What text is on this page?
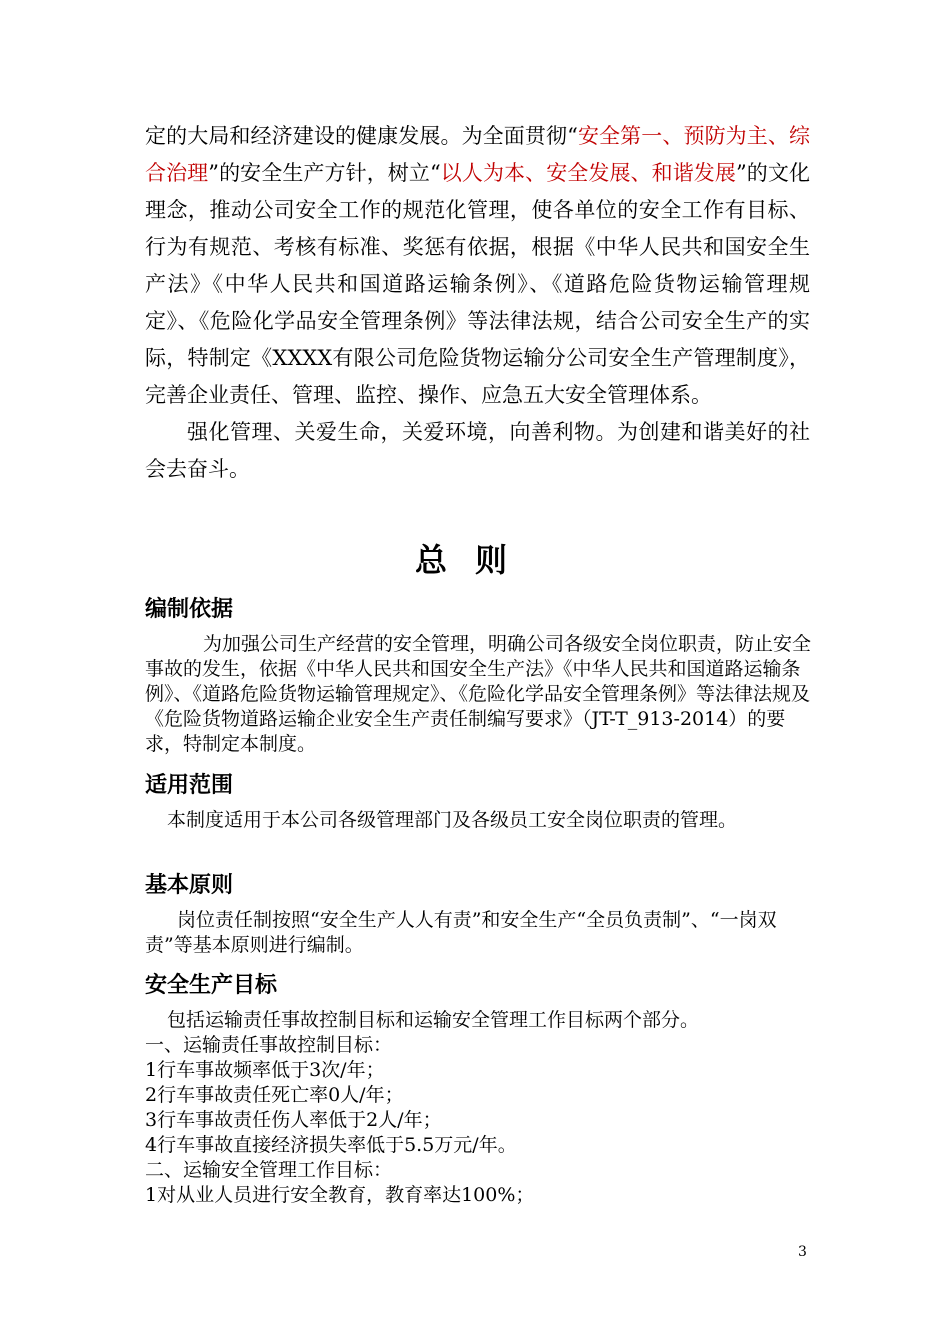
定的大局和经济建设的健康发展。为全面贯彻“安全第一、预防为主、综合治理”的安全生产方针，树立“以人为本、安全发展、和谐发展”的文化理念，推动公司安全工作的规范化管理，使各单位的安全工作有目标、行为有规范、考核有标准、奖惩有依据，根据《中华人民共和国安全生产法》《中华人民共和国道路运输条例》、《道路危险货物运输管理规定》、《危险化学品安全管理条例》等法律法规，结合公司安全生产的实际，特制定《XXXX有限公司危险货物运输分公司安全生产管理制度》，完善企业责任、管理、监控、操作、应急五大安全管理体系。

强化管理、关爱生命，关爱环境，向善利物。为创建和谐美好的社会去奋斗。

总则
编制依据

为加强公司生产经营的安全管理，明确公司各级安全岗位职责，防止安全事故的发生，依据《中华人民共和国安全生产法》《中华人民共和国道路运输条例》、《道路危险货物运输管理规定》、《危险化学品安全管理条例》等法律法规及《危险货物道路运输企业安全生产责任制编写要求》（JT-T_913-2014）的要求，特制定本制度。

适用范围

本制度适用于本公司各级管理部门及各级员工安全岗位职责的管理。

基本原则

岗位责任制按照“安全生产人人有责”和安全生产“全员负责制”、“一岗双责”等基本原则进行编制。

安全生产目标

包括运输责任事故控制目标和运输安全管理工作目标两个部分。

一、运输责任事故控制目标：

1行车事故频率低于3次/年；

2行车事故责任死亡率0人/年；

3行车事故责任伤人率低于2人/年；

4行车事故直接经济损失率低于5.5万元/年。

二、运输安全管理工作目标：

1对从业人员进行安全教育，教育率达100%；

3
